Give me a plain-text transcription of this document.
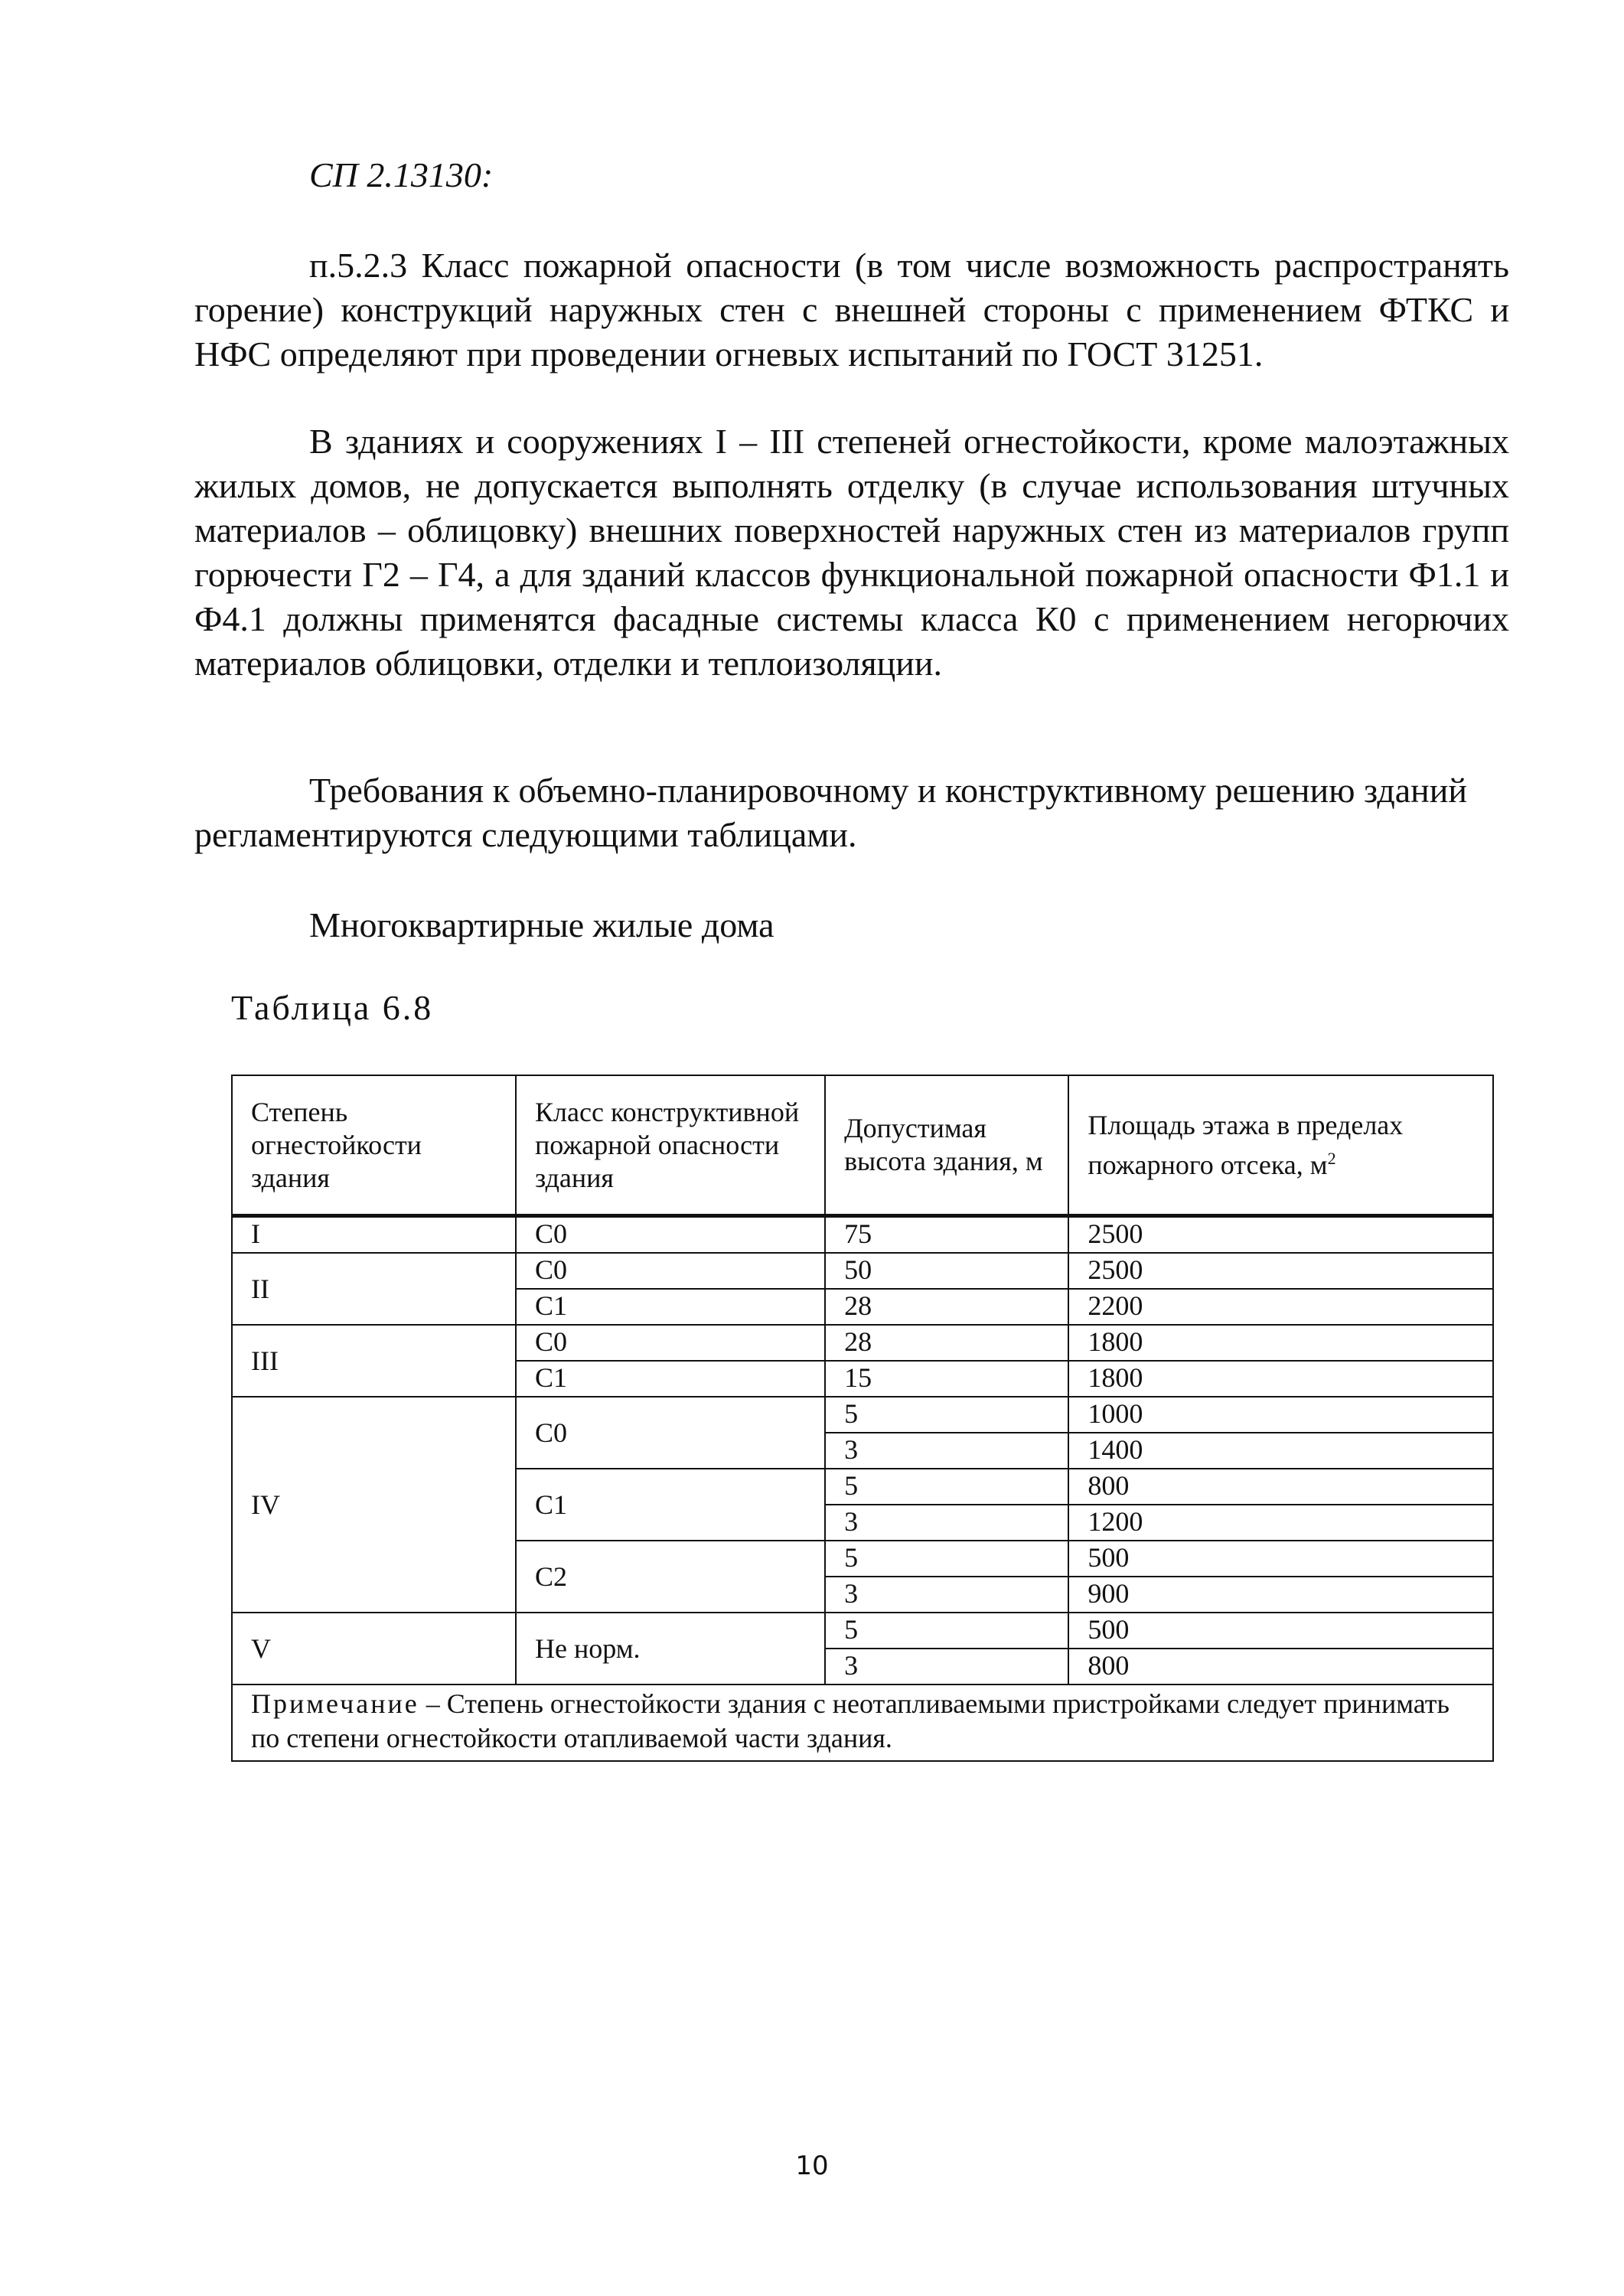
СП 2.13130:

п.5.2.3 Класс пожарной опасности (в том числе возможность распространять горение) конструкций наружных стен с внешней стороны с применением ФТКС и НФС определяют при проведении огневых испытаний по ГОСТ 31251.

В зданиях и сооружениях I – III степеней огнестойкости, кроме малоэтажных жилых домов, не допускается выполнять отделку (в случае использования штучных материалов – облицовку) внешних поверхностей наружных стен из материалов групп горючести Г2 – Г4, а для зданий классов функциональной пожарной опасности Ф1.1 и Ф4.1 должны применятся фасадные системы класса К0 с применением негорючих материалов облицовки, отделки и теплоизоляции.

Требования к объемно-планировочному и конструктивному решению зданий регламентируются следующими таблицами.

Многоквартирные жилые дома

Таблица 6.8
Степень огнестойкости здания	Класс конструктивной пожарной опасности здания	Допустимая высота здания, м	Площадь этажа в пределах пожарного отсека, $м^2$
I	С0	75	2500
II	С0	50	2500
	С1	28	2200
III	С0	28	1800
	С1	15	1800
IV	С0	5	1000
		3	1400
	С1	5	800
		3	1200
	С2	5	500
		3	900
V	Не норм.	5	500
		3	800
Примечание – Степень огнестойкости здания с неотапливаемыми пристройками следует принимать по степени огнестойкости отапливаемой части здания.			
10
